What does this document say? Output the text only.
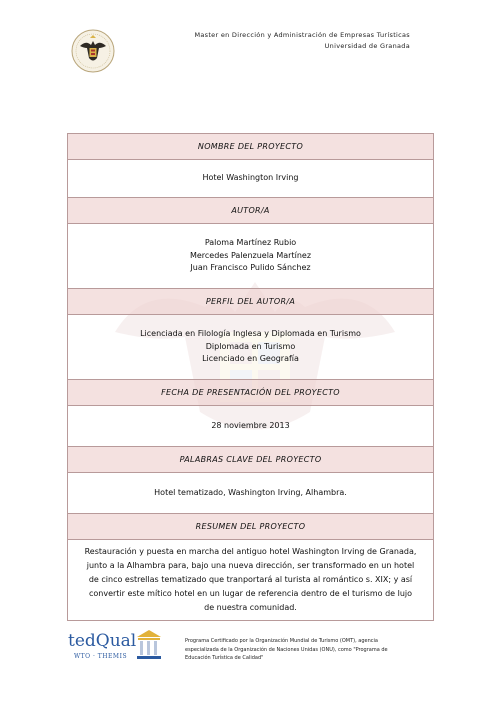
Master en Dirección y Administración de Empresas Turísticas
Universidad de Granada
NOMBRE DEL PROYECTO
Hotel Washington Irving
AUTOR/A

Paloma Martínez Rubio
Mercedes Palenzuela Martínez
Juan Francisco Pulido Sánchez

PERFIL DEL AUTOR/A

Licenciada en Filología Inglesa y Diplomada en Turismo
Diplomada en Turismo
Licenciado en Geografía

FECHA DE PRESENTACIÓN DEL PROYECTO
28 noviembre 2013
PALABRAS CLAVE DEL PROYECTO
Hotel tematizado, Washington Irving, Alhambra.
RESUMEN DEL PROYECTO

Restauración y puesta en marcha del antiguo hotel Washington Irving de Granada,
junto a la Alhambra para, bajo una nueva dirección, ser transformado en un hotel
de cinco estrellas tematizado que tranportará al turista al romántico s. XIX; y así
convertir este mítico hotel en un lugar de referencia dentro de el turismo de lujo
de nuestra comunidad.
tedQual
WTO · THEMIS
Programa Certificado por la Organización Mundial de Turismo (OMT), agencia
especializada de la Organización de Naciones Unidas (ONU), como "Programa de
Educación Turística de Calidad"
